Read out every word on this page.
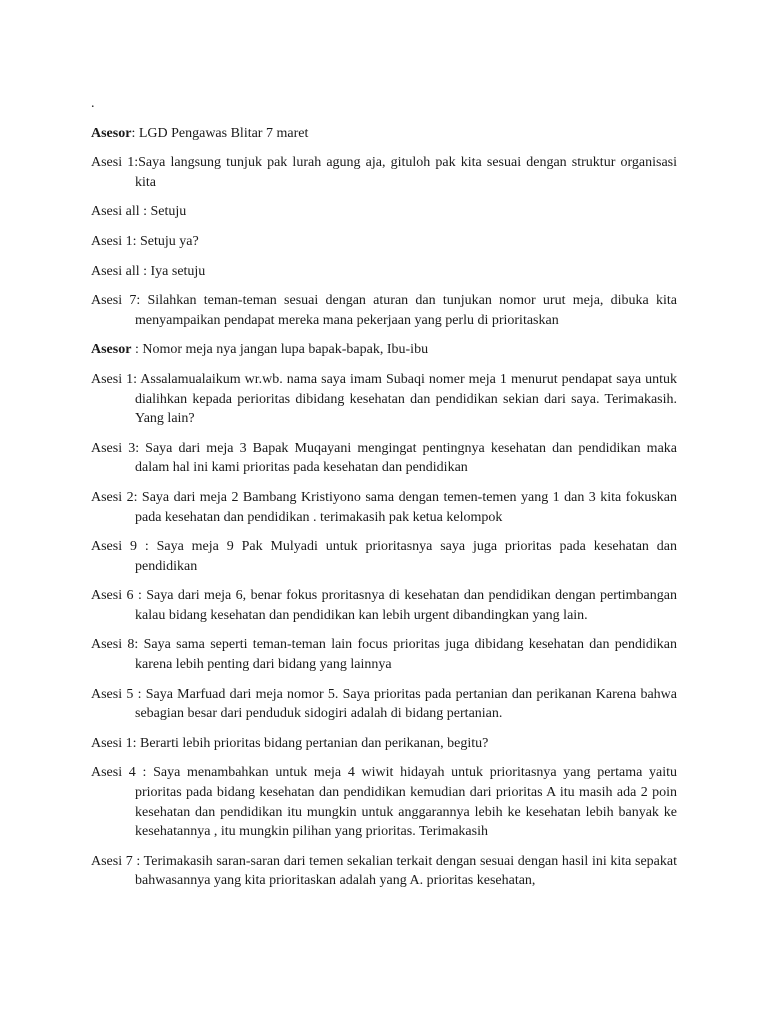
.
Asesor: LGD Pengawas Blitar 7 maret
Asesi 1:Saya langsung tunjuk pak lurah agung aja, gituloh pak kita sesuai dengan struktur organisasi kita
Asesi all : Setuju
Asesi 1: Setuju ya?
Asesi all : Iya setuju
Asesi 7: Silahkan teman-teman sesuai dengan aturan dan tunjukan nomor urut meja, dibuka kita menyampaikan pendapat mereka mana pekerjaan yang perlu di prioritaskan
Asesor : Nomor meja nya jangan lupa bapak-bapak, Ibu-ibu
Asesi 1: Assalamualaikum wr.wb. nama saya imam Subaqi nomer meja 1 menurut pendapat saya untuk dialihkan kepada perioritas dibidang kesehatan dan pendidikan sekian dari saya. Terimakasih. Yang lain?
Asesi 3: Saya dari meja 3 Bapak Muqayani mengingat pentingnya kesehatan dan pendidikan maka dalam hal ini kami prioritas pada kesehatan dan pendidikan
Asesi 2: Saya dari meja 2 Bambang Kristiyono sama dengan temen-temen yang 1 dan 3 kita fokuskan pada kesehatan dan pendidikan . terimakasih pak ketua kelompok
Asesi 9 : Saya meja 9 Pak Mulyadi untuk prioritasnya saya juga prioritas pada kesehatan dan pendidikan
Asesi 6 : Saya dari meja 6, benar fokus proritasnya di kesehatan dan pendidikan dengan pertimbangan kalau bidang kesehatan dan pendidikan kan lebih urgent dibandingkan yang lain.
Asesi 8: Saya sama seperti teman-teman lain focus prioritas juga dibidang kesehatan dan pendidikan karena lebih penting dari bidang yang lainnya
Asesi 5 : Saya Marfuad dari meja nomor 5. Saya prioritas pada pertanian dan perikanan Karena bahwa sebagian besar dari penduduk sidogiri adalah di bidang pertanian.
Asesi 1: Berarti lebih prioritas bidang pertanian dan perikanan, begitu?
Asesi 4 : Saya menambahkan untuk meja 4 wiwit hidayah untuk prioritasnya yang pertama yaitu prioritas pada bidang kesehatan dan pendidikan kemudian dari prioritas A itu masih ada 2 poin kesehatan dan pendidikan itu mungkin untuk anggarannya lebih ke kesehatan lebih banyak ke kesehatannya , itu mungkin pilihan yang prioritas. Terimakasih
Asesi 7 : Terimakasih saran-saran dari temen sekalian terkait dengan sesuai dengan hasil ini kita sepakat bahwasannya yang kita prioritaskan adalah yang A. prioritas kesehatan,
